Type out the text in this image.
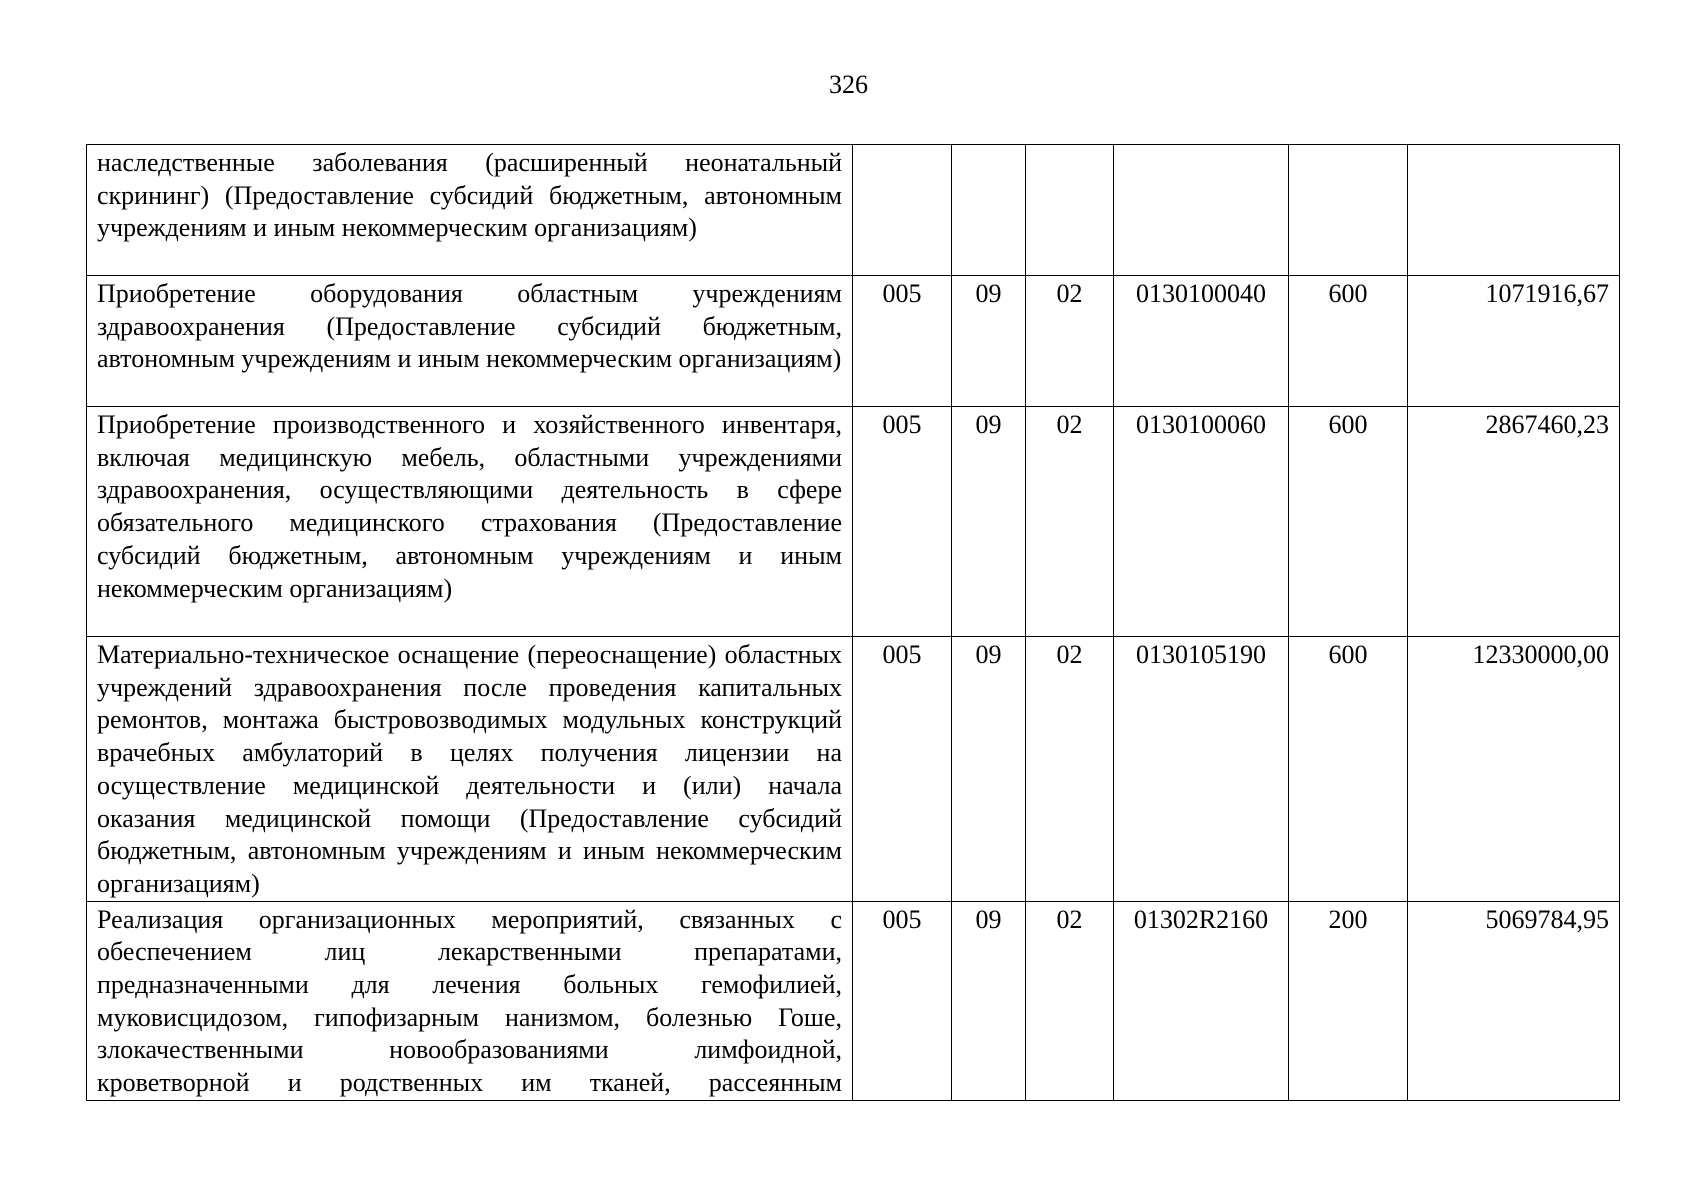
326
наследственные заболевания (расширенный неонатальный скрининг) (Предоставление субсидий бюджетным, автономным учреждениям и иным некоммерческим организациям)						
Приобретение оборудования областным учреждениям здравоохранения (Предоставление субсидий бюджетным, автономным учреждениям и иным некоммерческим организациям)	005	09	02	0130100040	600	1071916,67
Приобретение производственного и хозяйственного инвентаря, включая медицинскую мебель, областными учреждениями здравоохранения, осуществляющими деятельность в сфере обязательного медицинского страхования (Предоставление субсидий бюджетным, автономным учреждениям и иным некоммерческим организациям)	005	09	02	0130100060	600	2867460,23
Материально-техническое оснащение (переоснащение) областных учреждений здравоохранения после проведения капитальных ремонтов, монтажа быстровозводимых модульных конструкций врачебных амбулаторий в целях получения лицензии на осуществление медицинской деятельности и (или) начала оказания медицинской помощи (Предоставление субсидий бюджетным, автономным учреждениям и иным некоммерческим организациям)	005	09	02	0130105190	600	12330000,00
Реализация организационных мероприятий, связанных с обеспечением лиц лекарственными препаратами, предназначенными для лечения больных гемофилией, муковисцидозом, гипофизарным нанизмом, болезнью Гоше, злокачественными новообразованиями лимфоидной, кроветворной и родственных им тканей, рассеянным	005	09	02	01302R2160	200	5069784,95
